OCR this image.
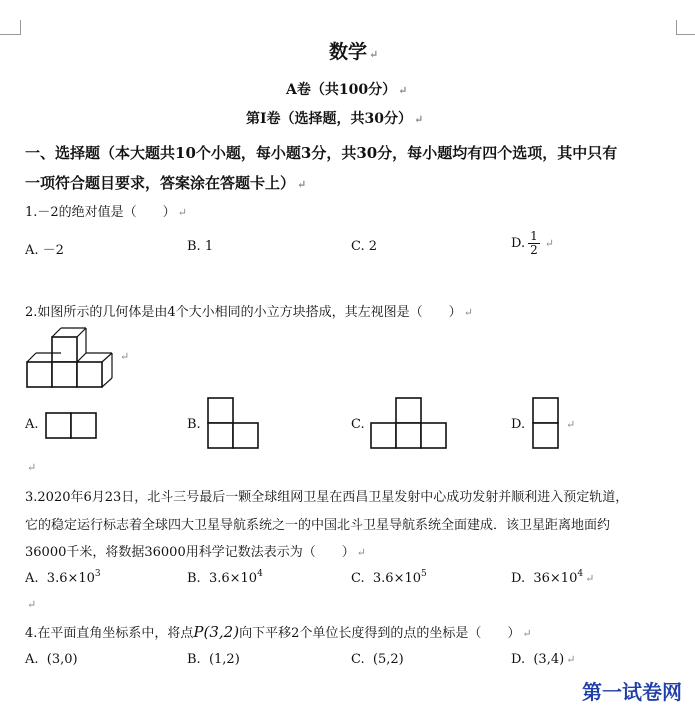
数学 ↵
A卷（共100分） ↵
第Ⅰ卷（选择题，共30分） ↵
一、选择题（本大题共10个小题，每小题3分，共30分，每小题均有四个选项，其中只有
一项符合题目要求，答案涂在答题卡上） ↵
1.－2的绝对值是（　　） ↵
A. －2	B. 1	C. 2	D. $\frac{1}{2}$ ↵
2.如图所示的几何体是由4个大小相同的小立方块搭成，其左视图是（　　） ↵
↵
A.	B.	C.	D.	↵
↵
3.2020年6月23日，北斗三号最后一颗全球组网卫星在西昌卫星发射中心成功发射并顺利进入预定轨道，
它的稳定运行标志着全球四大卫星导航系统之一的中国北斗卫星导航系统全面建成．该卫星距离地面约
36000千米，将数据36000用科学记数法表示为（　　） ↵
A. $3.6\times 10^3$	B. $3.6\times 10^4$	C. $3.6\times 10^5$	D. $36\times 10^4$ ↵
↵
4.在平面直角坐标系中，将点P(3,2)向下平移2个单位长度得到的点的坐标是（　　） ↵
A. (3,0)	B. (1,2)	C. (5,2)	D. (3,4) ↵
第一试卷网
